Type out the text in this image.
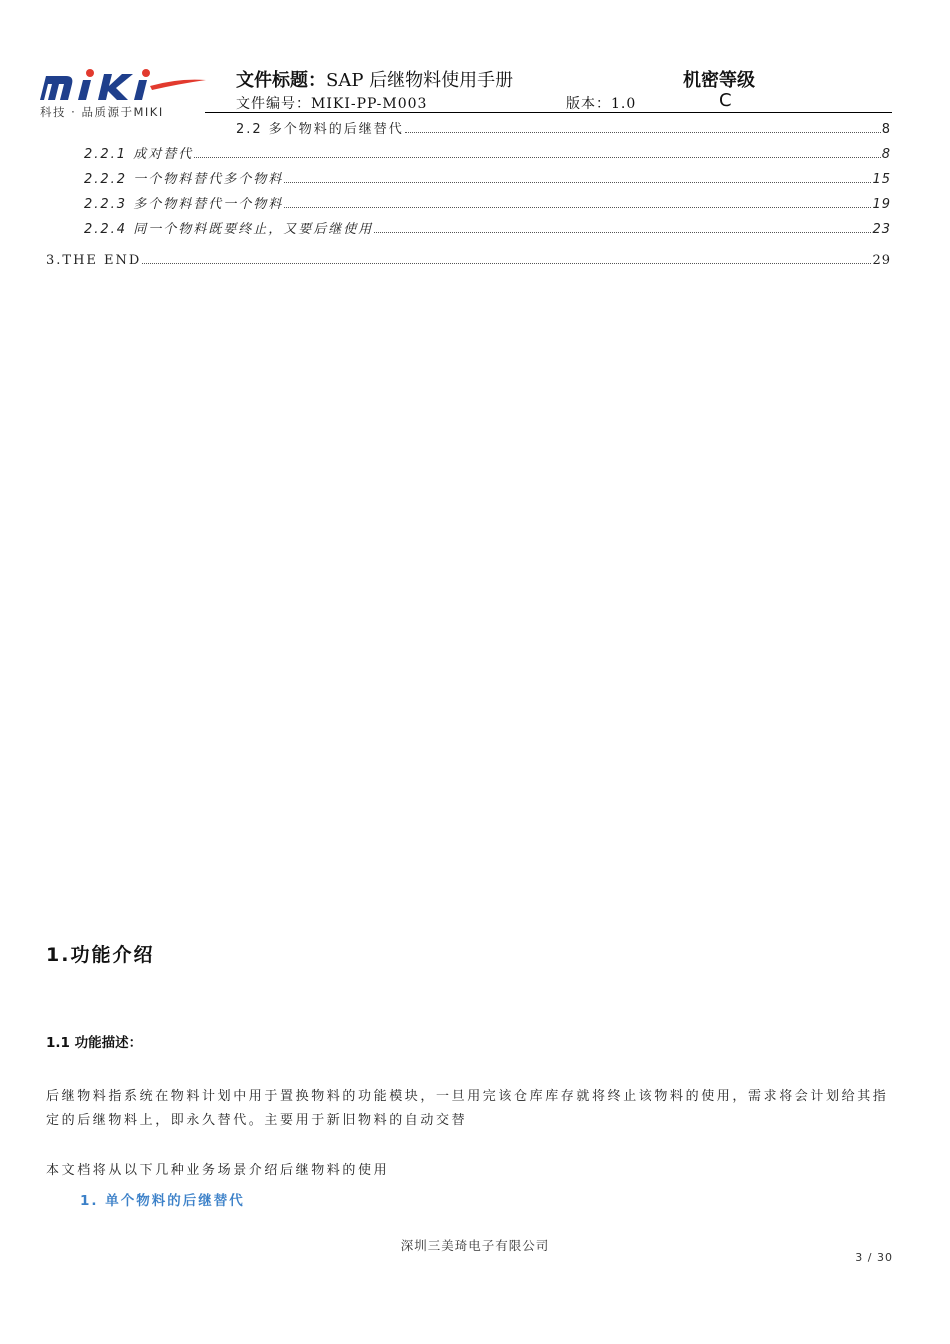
科技 · 品质源于MIKI
文件标题：SAP 后继物料使用手册	机密等级
文件编号：MIKI-PP-M003	版本：1.0	C
2.2 多个物料的后继替代	8
2.2.1 成对替代	8
2.2.2 一个物料替代多个物料	15
2.2.3 多个物料替代一个物料	19
2.2.4 同一个物料既要终止，又要后继使用	23
3.THE END	29
1.功能介绍
1.1 功能描述：
后继物料指系统在物料计划中用于置换物料的功能模块，一旦用完该仓库库存就将终止该物料的使用，需求将会计划给其指定的后继物料上，即永久替代。主要用于新旧物料的自动交替
本文档将从以下几种业务场景介绍后继物料的使用
1. 单个物料的后继替代
深圳三美琦电子有限公司
3 / 30
